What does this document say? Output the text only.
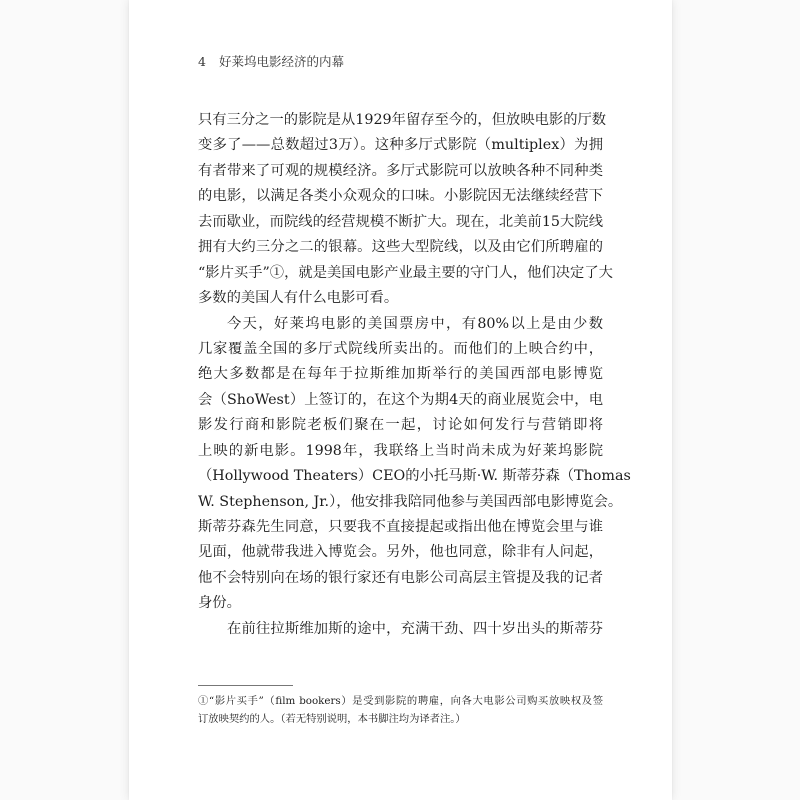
4 好莱坞电影经济的内幕
只有三分之一的影院是从1929年留存至今的，但放映电影的厅数
变多了——总数超过3万）。这种多厅式影院（multiplex）为拥
有者带来了可观的规模经济。多厅式影院可以放映各种不同种类
的电影，以满足各类小众观众的口味。小影院因无法继续经营下
去而歇业，而院线的经营规模不断扩大。现在，北美前15大院线
拥有大约三分之二的银幕。这些大型院线，以及由它们所聘雇的
“影片买手”①，就是美国电影产业最主要的守门人，他们决定了大
多数的美国人有什么电影可看。
今天，好莱坞电影的美国票房中，有80%以上是由少数
几家覆盖全国的多厅式院线所卖出的。而他们的上映合约中，
绝大多数都是在每年于拉斯维加斯举行的美国西部电影博览
会（ShoWest）上签订的，在这个为期4天的商业展览会中，电
影发行商和影院老板们聚在一起，讨论如何发行与营销即将
上映的新电影。1998年，我联络上当时尚未成为好莱坞影院
（Hollywood Theaters）CEO的小托马斯·W. 斯蒂芬森（Thomas
W. Stephenson, Jr.），他安排我陪同他参与美国西部电影博览会。
斯蒂芬森先生同意，只要我不直接提起或指出他在博览会里与谁
见面，他就带我进入博览会。另外，他也同意，除非有人问起，
他不会特别向在场的银行家还有电影公司高层主管提及我的记者
身份。
在前往拉斯维加斯的途中，充满干劲、四十岁出头的斯蒂芬
①“影片买手”（film bookers）是受到影院的聘雇，向各大电影公司购买放映权及签
订放映契约的人。（若无特别说明，本书脚注均为译者注。）
